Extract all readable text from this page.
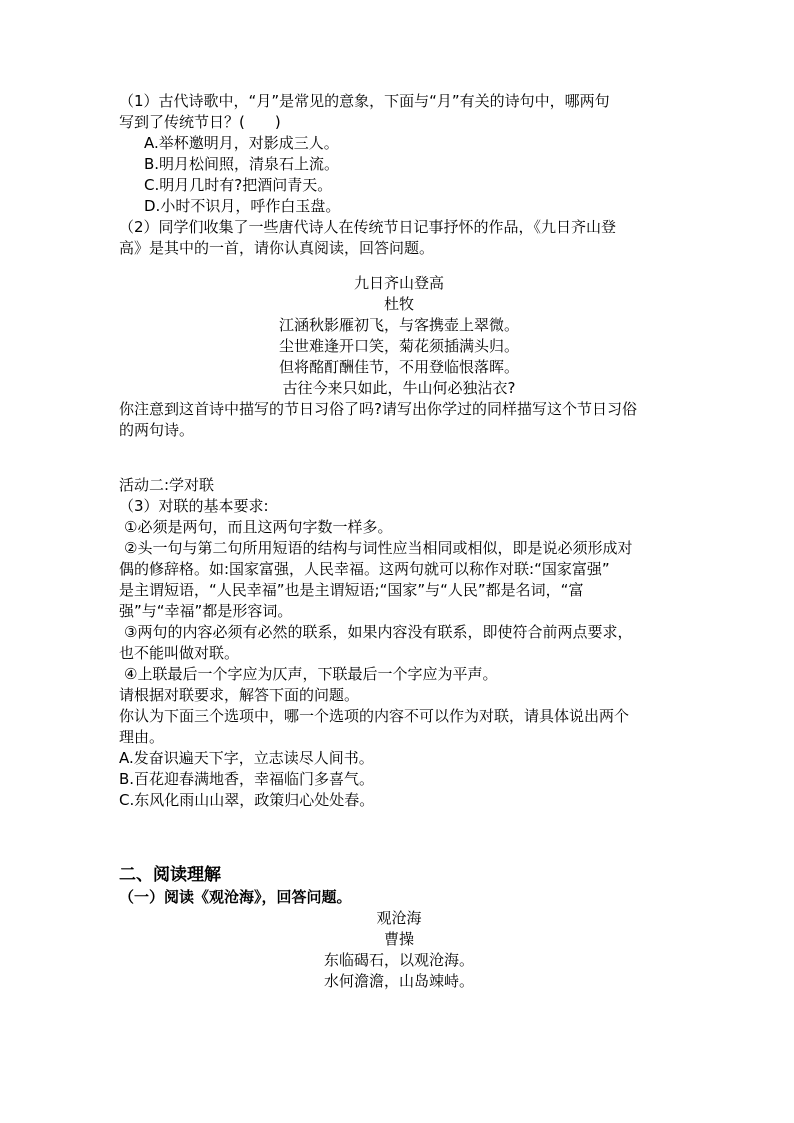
（1）古代诗歌中，“月”是常见的意象，下面与“月”有关的诗句中，哪两句
写到了传统节日？(　　)
A.举杯邀明月，对影成三人。
B.明月松间照，清泉石上流。
C.明月几时有?把酒问青天。
D.小时不识月，呼作白玉盘。
（2）同学们收集了一些唐代诗人在传统节日记事抒怀的作品，《九日齐山登
高》是其中的一首，请你认真阅读，回答问题。
九日齐山登高
杜牧
江涵秋影雁初飞，与客携壶上翠微。
尘世难逢开口笑，菊花须插满头归。
但将酩酊酬佳节，不用登临恨落晖。
古往今来只如此，牛山何必独沾衣?
你注意到这首诗中描写的节日习俗了吗?请写出你学过的同样描写这个节日习俗
的两句诗。
活动二:学对联
（3）对联的基本要求:
①必须是两句，而且这两句字数一样多。
②头一句与第二句所用短语的结构与词性应当相同或相似，即是说必须形成对
偶的修辞格。如:国家富强，人民幸福。这两句就可以称作对联:“国家富强”
是主谓短语，“人民幸福”也是主谓短语;“国家”与“人民”都是名词，“富
强”与“幸福”都是形容词。
③两句的内容必须有必然的联系，如果内容没有联系，即使符合前两点要求，
也不能叫做对联。
④上联最后一个字应为仄声，下联最后一个字应为平声。
请根据对联要求，解答下面的问题。
你认为下面三个选项中，哪一个选项的内容不可以作为对联，请具体说出两个
理由。
A.发奋识遍天下字，立志读尽人间书。
B.百花迎春满地香，幸福临门多喜气。
C.东风化雨山山翠，政策归心处处春。
二、阅读理解
（一）阅读《观沧海》，回答问题。
观沧海
曹操
东临碣石，以观沧海。
水何澹澹，山岛竦峙。
